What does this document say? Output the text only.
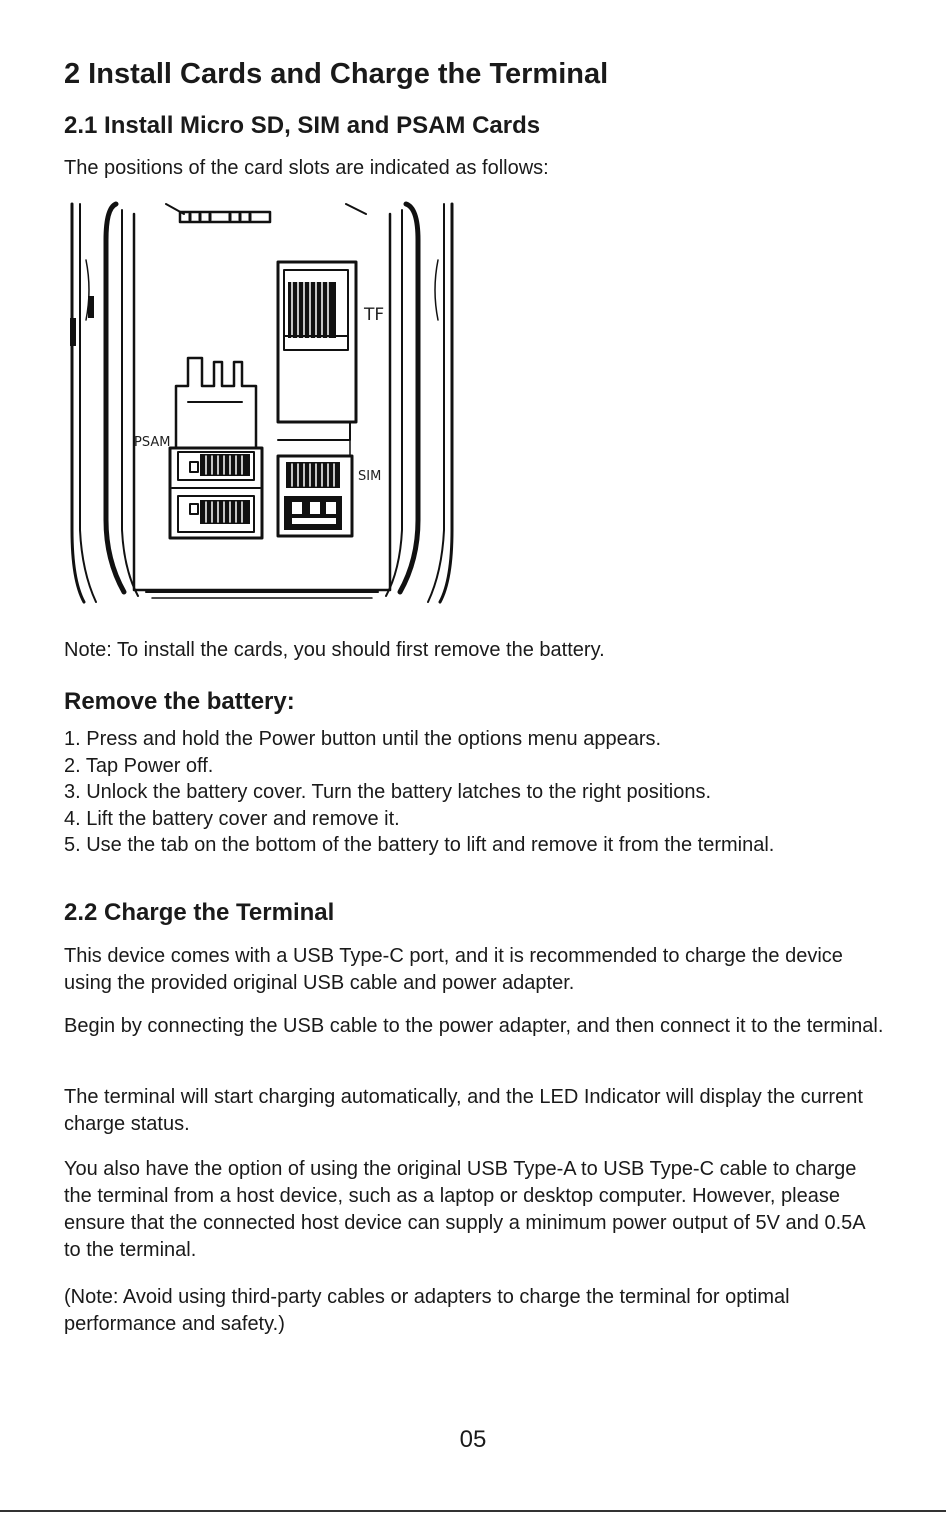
2 Install Cards and Charge the Terminal
2.1 Install Micro SD, SIM and PSAM Cards

The positions of the card slots are indicated as follows:

Note: To install the cards, you should first remove the battery.

Remove the battery:
1. Press and hold the Power button until the options menu appears.
2. Tap Power off.
3. Unlock the battery cover. Turn the battery latches to the right positions.
4. Lift the battery cover and remove it.
5. Use the tab on the bottom of the battery to lift and remove it from the terminal.
2.2 Charge the Terminal

This device comes with a USB Type-C port, and it is recommended to charge the device using the provided original USB cable and power adapter.

Begin by connecting the USB cable to the power adapter, and then connect it to the terminal.

The terminal will start charging automatically, and the LED Indicator will display the current charge status.

You also have the option of using the original USB Type-A to USB Type-C cable to charge the terminal from a host device, such as a laptop or desktop computer. However, please ensure that the connected host device can supply a minimum power output of 5V and 0.5A to the terminal.

(Note: Avoid using third-party cables or adapters to charge the terminal for optimal performance and safety.)

TF
PSAM
SIM
05
